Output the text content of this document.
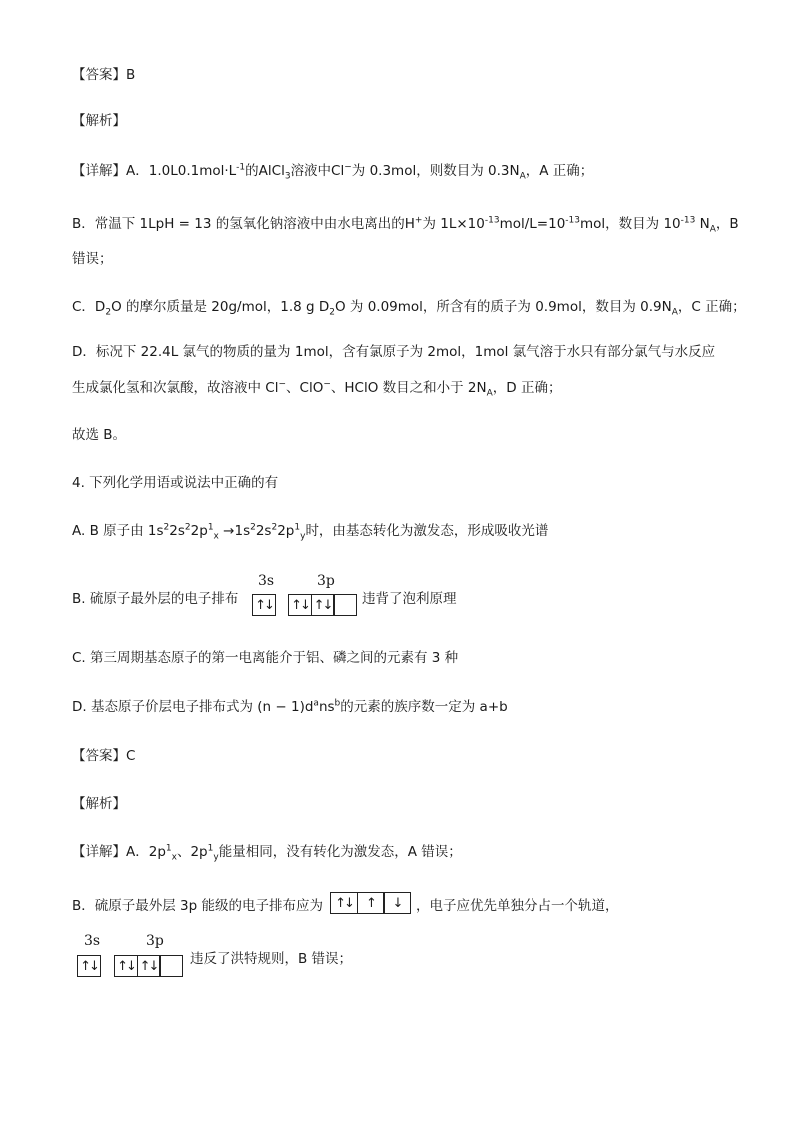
【答案】B
【解析】
【详解】A．$1.0L0.1mol\cdot L^{-1}$的AlCl$_3$溶液中Cl−为 0.3mol，则数目为 $0.3N_A$，A 正确；
B．常温下 1LpH = 13 的氢氧化钠溶液中由水电离出的H+为 $1L\times 10^{-13}mol/L=10^{-13}mol$，数目为 $10^{-13}$ $N_A$，B
错误；
C．$D_2O$ 的摩尔质量是 20g/mol，1.8 g $D_2O$ 为 0.09mol，所含有的质子为 0.9mol，数目为 $0.9N_A$，C 正确；
D．标况下 22.4L 氯气的物质的量为 1mol，含有氯原子为 2mol，1mol 氯气溶于水只有部分氯气与水反应
生成氯化氢和次氯酸，故溶液中 Cl−、ClO−、HClO 数目之和小于 $2N_A$，D 正确；
故选 B。
4. 下列化学用语或说法中正确的有
A. B 原子由 $1s^22s^22p^1_x \to 1s^22s^22p^1_y$时，由基态转化为激发态，形成吸收光谱
B. 硫原子最外层的电子排布
3s	3p
↑↓ ↑↓ ↑↓ 违背了泡利原理
C. 第三周期基态原子的第一电离能介于铝、磷之间的元素有 3 种
D. 基态原子价层电子排布式为 $(n - 1)d^ans^b$的元素的族序数一定为 a+b
【答案】C
【解析】
【详解】A．$2p^1_x$、$2p^1_y$能量相同，没有转化为激发态，A 错误；
B．硫原子最外层 3p 能级的电子排布应为 ↑↓	↑	↓	，电子应优先单独分占一个轨道，
3s	3p
↑↓ ↑↓ ↑↓ 违反了洪特规则，B 错误；
